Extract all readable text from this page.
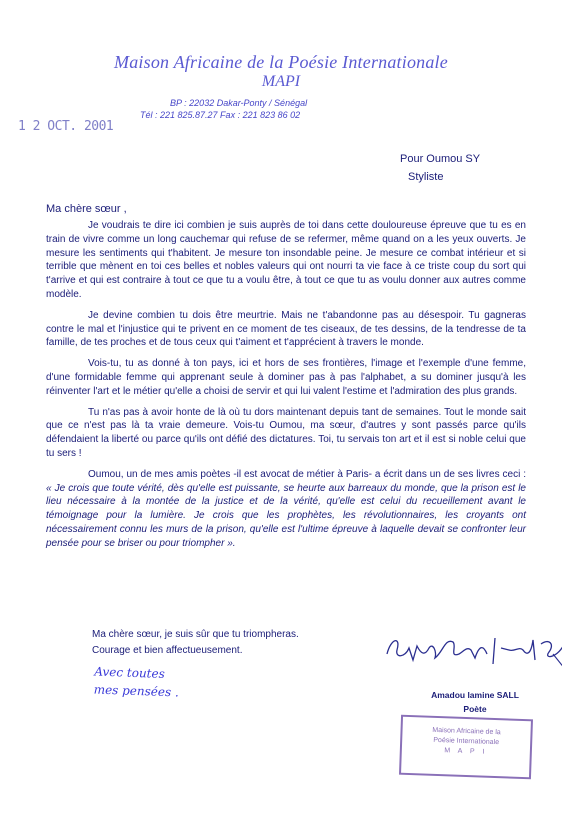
Maison Africaine de la Poésie Internationale
MAPI
BP : 22032 Dakar-Ponty / Sénégal
Tél : 221 825.87.27 Fax : 221 823 86 02
1 2 OCT. 2001
Pour Oumou SY
Styliste
Ma chère sœur ,

Je voudrais te dire ici combien je suis auprès de toi dans cette douloureuse épreuve que tu es en train de vivre comme un long cauchemar qui refuse de se refermer, même quand on a les yeux ouverts. Je mesure les sentiments qui t'habitent. Je mesure ton insondable peine. Je mesure ce combat intérieur et si terrible que mènent en toi ces belles et nobles valeurs qui ont nourri ta vie face à ce triste coup du sort qui t'arrive et qui est contraire à tout ce que tu a voulu être, à tout ce que tu as voulu donner aux autres comme modèle.

Je devine combien tu dois être meurtrie. Mais ne t'abandonne pas au désespoir. Tu gagneras contre le mal et l'injustice qui te privent en ce moment de tes ciseaux, de tes dessins, de la tendresse de ta famille, de tes proches et de tous ceux qui t'aiment et t'apprécient à travers le monde.

Vois-tu, tu as donné à ton pays, ici et hors de ses frontières, l'image et l'exemple d'une femme, d'une formidable femme qui apprenant seule à dominer pas à pas l'alphabet, a su dominer jusqu'à les réinventer l'art et le métier qu'elle a choisi de servir et qui lui valent l'estime et l'admiration des plus grands.

Tu n'as pas à avoir honte de là où tu dors maintenant depuis tant de semaines. Tout le monde sait que ce n'est pas là ta vraie demeure. Vois-tu Oumou, ma sœur, d'autres y sont passés parce qu'ils défendaient la liberté ou parce qu'ils ont défié des dictatures. Toi, tu servais ton art et il est si noble celui que tu sers !

Oumou, un de mes amis poètes -il est avocat de métier à Paris- a écrit dans un de ses livres ceci : « Je crois que toute vérité, dès qu'elle est puissante, se heurte aux barreaux du monde, que la prison est le lieu nécessaire à la montée de la justice et de la vérité, qu'elle est celui du recueillement avant le témoignage pour la lumière. Je crois que les prophètes, les révolutionnaires, les croyants ont nécessairement connu les murs de la prison, qu'elle est l'ultime épreuve à laquelle devait se confronter leur pensée pour se briser ou pour triompher ».

Ma chère sœur, je suis sûr que tu triompheras.
Courage et bien affectueusement.
Avec toutes
mes pensées .	Amadou lamine SALL
Poète
Maison Africaine de la
Poésie Internationale
M A P I
